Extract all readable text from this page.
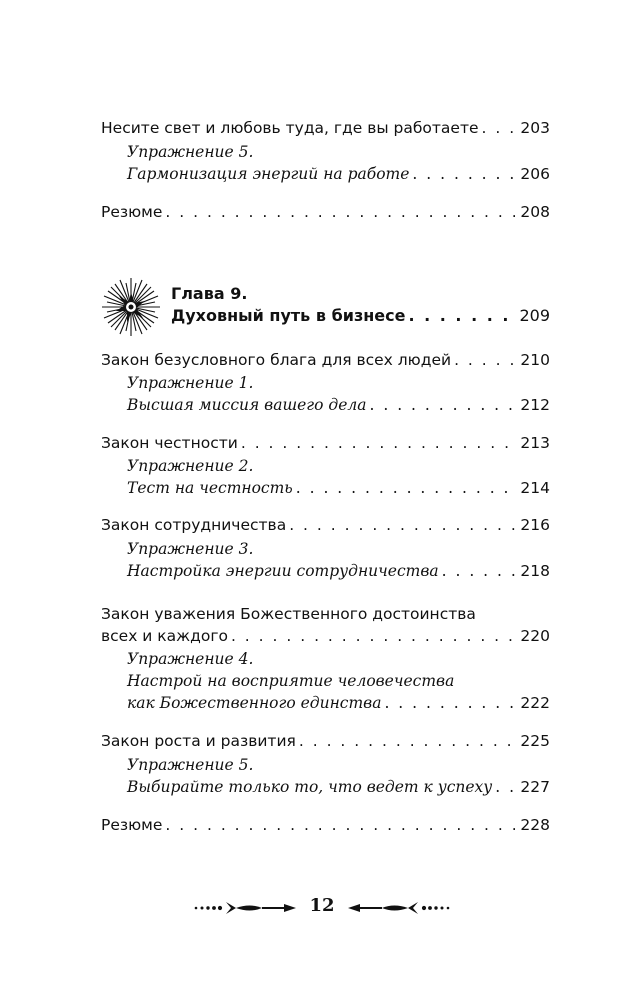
Несите свет и любовь туда, где вы работаете . . .	203
Упражнение 5.
Гармонизация энергий на работе . . .	206
Резюме . . .	208
Глава 9.
Духовный путь в бизнесе . . .	209
Закон безусловного блага для всех людей . . .	210
Упражнение 1.
Высшая миссия вашего дела . . .	212
Закон честности . . .	213
Упражнение 2.
Тест на честность . . .	214
Закон сотрудничества . . .	216
Упражнение 3.
Настройка энергии сотрудничества . . .	218
Закон уважения Божественного достоинства
всех и каждого . . .	220
Упражнение 4.
Настрой на восприятие человечества
как Божественного единства . . .	222
Закон роста и развития . . .	225
Упражнение 5.
Выбирайте только то, что ведет к успеху . . . 227
Резюме . . .	228
12
